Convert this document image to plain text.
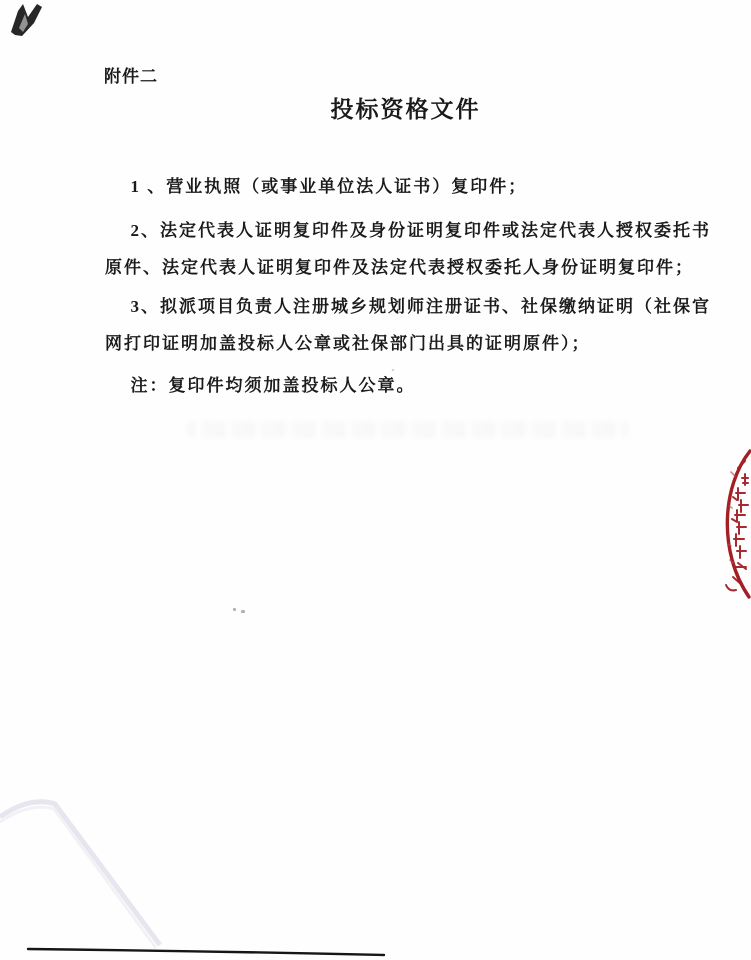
附件二
投标资格文件
1 、营业执照（或事业单位法人证书）复印件；
2、法定代表人证明复印件及身份证明复印件或法定代表人授权委托书原件、法定代表人证明复印件及法定代表授权委托人身份证明复印件；
3、拟派项目负责人注册城乡规划师注册证书、社保缴纳证明（社保官网打印证明加盖投标人公章或社保部门出具的证明原件）；
注：复印件均须加盖投标人公章。
